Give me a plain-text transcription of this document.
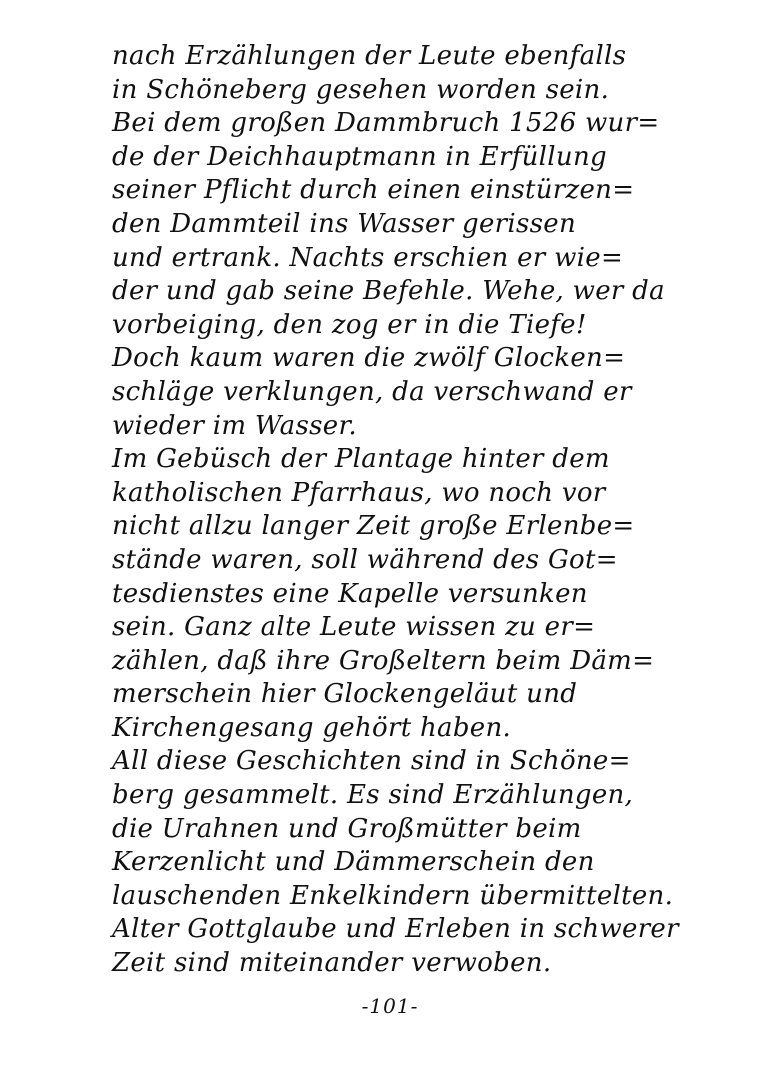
nach Erzählungen der Leute ebenfalls
in Schöneberg gesehen worden sein.
Bei dem großen Dammbruch 1526 wur=
de der Deichhauptmann in Erfüllung
seiner Pflicht durch einen einstürzen=
den Dammteil ins Wasser gerissen
und ertrank. Nachts erschien er wie=
der und gab seine Befehle. Wehe, wer da
vorbeiging, den zog er in die Tiefe!
Doch kaum waren die zwölf Glocken=
schläge verklungen, da verschwand er
wieder im Wasser.
Im Gebüsch der Plantage hinter dem
katholischen Pfarrhaus, wo noch vor
nicht allzu langer Zeit große Erlenbe=
stände waren, soll während des Got=
tesdienstes eine Kapelle versunken
sein. Ganz alte Leute wissen zu er=
zählen, daß ihre Großeltern beim Däm=
merschein hier Glockengeläut und
Kirchengesang gehört haben.
All diese Geschichten sind in Schöne=
berg gesammelt. Es sind Erzählungen,
die Urahnen und Großmütter beim
Kerzenlicht und Dämmerschein den
lauschenden Enkelkindern übermittelten.
Alter Gottglaube und Erleben in schwerer
Zeit sind miteinander verwoben.
-101-
